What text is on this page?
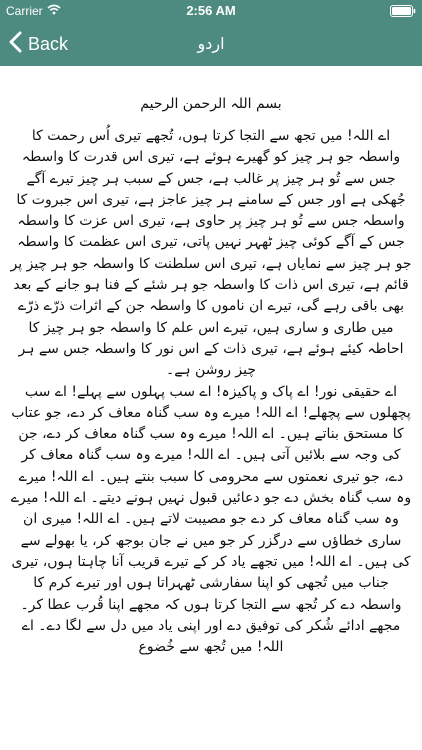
Carrier	2:56 AM
Back	اردو
بسم اللہ الرحمن الرحیم

اے اللہ! میں تجھ سے التجا کرتا ہوں، تُجھے تیری اُس رحمت کا واسطہ جو ہر چیز کو گھیرے ہوئے ہے، تیری اس قدرت کا واسطہ جس سے تُو ہر چیز پر غالب ہے، جس کے سبب ہر چیز تیرے آگے جُھکی ہے اور جس کے سامنے ہر چیز عاجز ہے، تیری اس جبروت کا واسطہ جس سے تُو ہر چیز پر حاوی ہے، تیری اس عزت کا واسطہ جس کے آگے کوئی چیز ٹھہر نہیں پاتی، تیری اس عظمت کا واسطہ جو ہر چیز سے نمایاں ہے، تیری اس سلطنت کا واسطہ جو ہر چیز پر قائم ہے، تیری اس ذات کا واسطہ جو ہر شئے کے فنا ہو جانے کے بعد بھی باقی رہے گی، تیرے ان ناموں کا واسطہ جن کے اثرات ذرّے ذرّے میں طاری و ساری ہیں، تیرے اس علم کا واسطہ جو ہر چیز کا احاطہ کیئے ہوئے ہے، تیری ذات کے اس نور کا واسطہ جس سے ہر چیز روشن ہے۔
اے حقیقی نور! اے پاک و پاکیزہ! اے سب پہلوں سے پہلے! اے سب پچھلوں سے پچھلے! اے اللہ! میرے وہ سب گناہ معاف کر دے، جو عتاب کا مستحق بناتے ہیں۔ اے اللہ! میرے وہ سب گناہ معاف کر دے، جن کی وجہ سے بلائیں آتی ہیں۔ اے اللہ! میرے وہ سب گناہ معاف کر دے، جو تیری نعمتوں سے محرومی کا سبب بنتے ہیں۔ اے اللہ! میرے وہ سب گناہ بخش دے جو دعائیں قبول نہیں ہونے دیتے۔ اے اللہ! میرے وہ سب گناہ معاف کر دے جو مصیبت لاتے ہیں۔ اے اللہ! میری ان ساری خطاؤں سے درگزر کر جو میں نے جان بوجھ کر، یا بھولے سے کی ہیں۔ اے اللہ! میں تجھے یاد کر کے تیرے قریب آنا چاہتا ہوں، تیری جناب میں تُجھی کو اپنا سفارشی ٹھہراتا ہوں اور تیرے کرم کا واسطہ دے کر تُجھ سے التجا کرتا ہوں کہ مجھے اپنا قُرب عطا کر۔ مجھے ادائے شُکر کی توفیق دے اور اپنی یاد میں دل سے لگا دے۔ اے اللہ! میں تُجھ سے خُضوع
